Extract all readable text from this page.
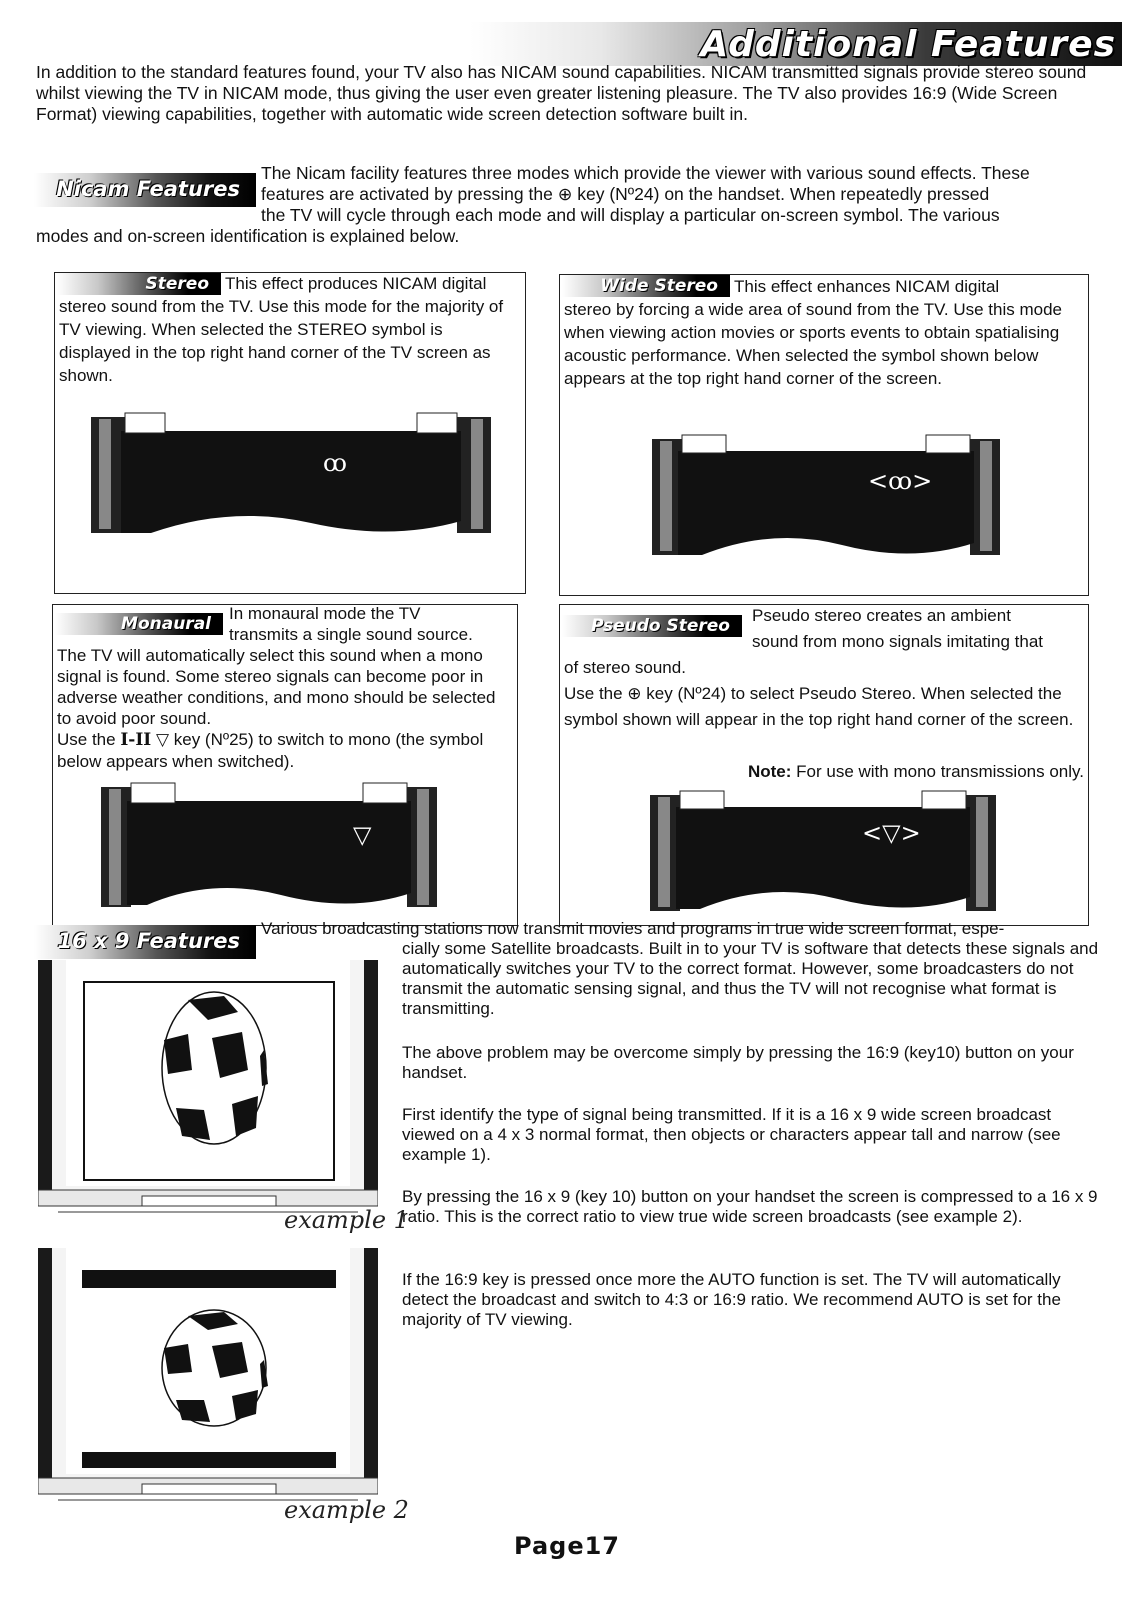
Additional Features
In addition to the standard features found, your TV also has NICAM sound capabilities. NICAM transmitted signals provide stereo sound whilst viewing the TV in NICAM mode, thus giving the user even greater listening pleasure. The TV also provides 16:9 (Wide Screen Format) viewing capabilities, together with automatic wide screen detection software built in.
Nicam Features
The Nicam facility features three modes which provide the viewer with various sound effects. These
features are activated by pressing the ⊕ key (Nº24) on the handset. When repeatedly pressed
the TV will cycle through each mode and will display a particular on-screen symbol. The various
modes and on-screen identification is explained below.
Stereo This effect produces NICAM digital
stereo sound from the TV. Use this mode for the majority of TV viewing. When selected the STEREO symbol is displayed in the top right hand corner of the TV screen as shown.
ꝏ
Wide Stereo This effect enhances NICAM digital
stereo by forcing a wide area of sound from the TV. Use this mode when viewing action movies or sports events to obtain spatialising acoustic performance. When selected the symbol shown below appears at the top right hand corner of the screen.
<ꝏ>
Monaural
In monaural mode the TV
transmits a single sound source.
The TV will automatically select this sound when a mono signal is found. Some stereo signals can become poor in adverse weather conditions, and mono should be selected to avoid poor sound.
Use the I-II ▽ key (Nº25) to switch to mono (the symbol below appears when switched).
▽
Pseudo Stereo
Pseudo stereo creates an ambient
sound from mono signals imitating that
of stereo sound.
Use the ⊕ key (Nº24) to select Pseudo Stereo. When selected the symbol shown will appear in the top right hand corner of the screen.
Note: For use with mono transmissions only.
<▽>
16 x 9 Features
Various broadcasting stations now transmit movies and programs in true wide screen format, espe-
cially some Satellite broadcasts. Built in to your TV is software that detects these signals and automatically switches your TV to the correct format. However, some broadcasters do not transmit the automatic sensing signal, and thus the TV will not recognise what format is transmitting.
The above problem may be overcome simply by pressing the 16:9 (key10) button on your handset.
First identify the type of signal being transmitted. If it is a 16 x 9 wide screen broadcast viewed on a 4 x 3 normal format, then objects or characters appear tall and narrow (see example 1).
By pressing the 16 x 9 (key 10) button on your handset the screen is compressed to a 16 x 9 ratio. This is the correct ratio to view true wide screen broadcasts (see example 2).
If the 16:9 key is pressed once more the AUTO function is set. The TV will automatically detect the broadcast and switch to 4:3 or 16:9 ratio. We recommend AUTO is set for the majority of TV viewing.
example 1
example 2
Page17
